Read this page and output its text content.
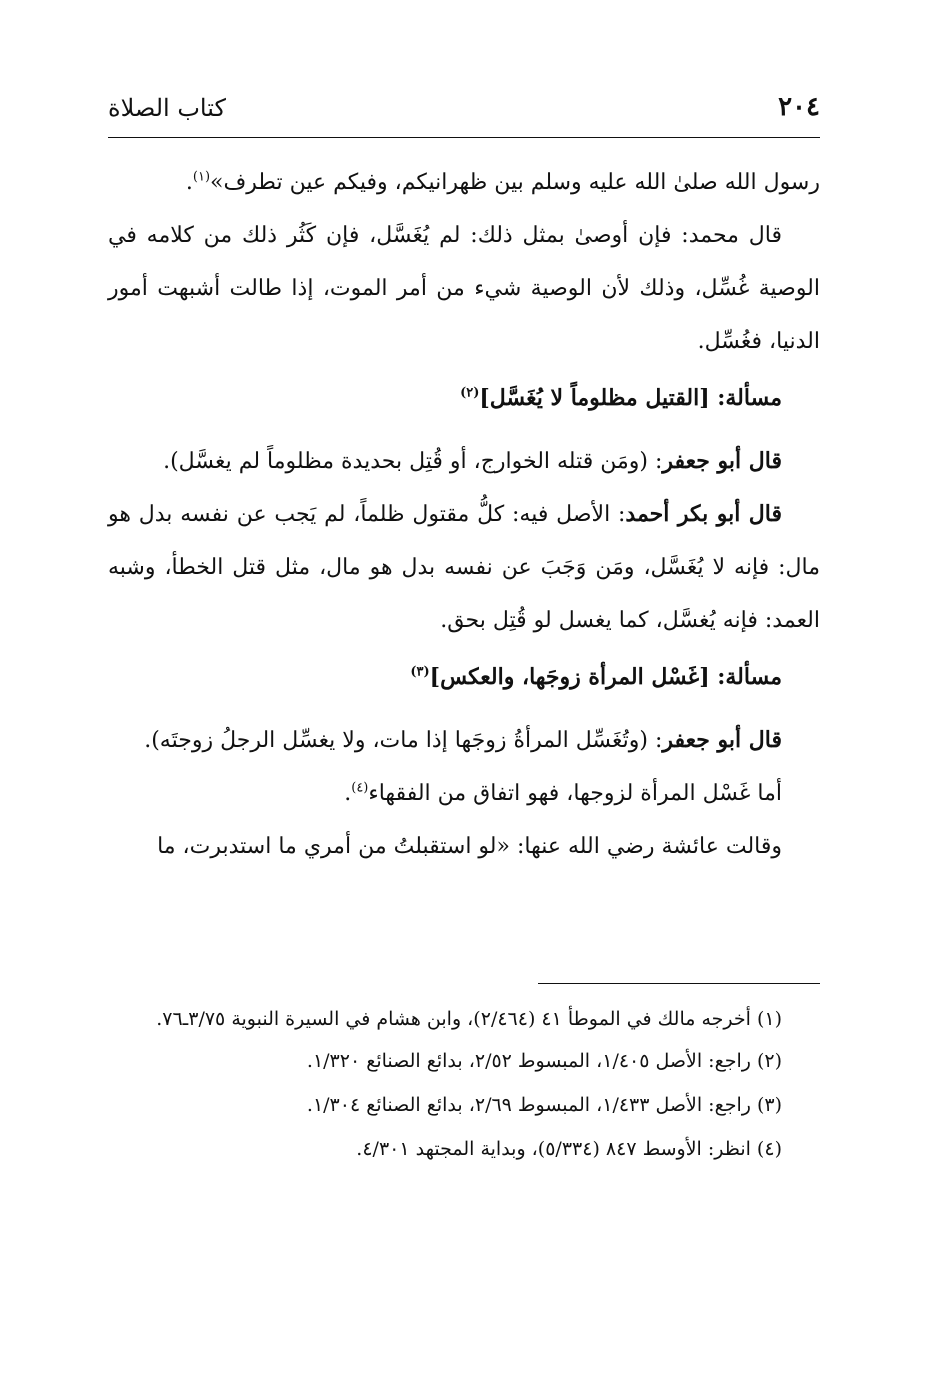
٢٠٤
كتاب الصلاة

رسول الله صلىٰ الله عليه وسلم بين ظهرانيكم، وفيكم عين تطرف»$^{(١)}$.

قال محمد: فإن أوصىٰ بمثل ذلك: لم يُغَسَّل، فإن كَثُر ذلك من كلامه في الوصية غُسِّل، وذلك لأن الوصية شيء من أمر الموت، إذا طالت أشبهت أمور الدنيا، فغُسِّل.

مسألة: [القتيل مظلوماً لا يُغَسَّل]$^{(٢)}$

قال أبو جعفر: (ومَن قتله الخوارج، أو قُتِل بحديدة مظلوماً لم يغسَّل).

قال أبو بكر أحمد: الأصل فيه: كلُّ مقتول ظلماً، لم يَجب عن نفسه بدل هو مال: فإنه لا يُغَسَّل، ومَن وَجَبَ عن نفسه بدل هو مال، مثل قتل الخطأ، وشبه العمد: فإنه يُغسَّل، كما يغسل لو قُتِل بحق.

مسألة: [غَسْل المرأة زوجَها، والعكس]$^{(٣)}$

قال أبو جعفر: (وتُغَسِّل المرأةُ زوجَها إذا مات، ولا يغسِّل الرجلُ زوجتَه).

أما غَسْل المرأة لزوجها، فهو اتفاق من الفقهاء$^{(٤)}$.

وقالت عائشة رضي الله عنها: «لو استقبلتُ من أمري ما استدبرت، ما

(١) أخرجه مالك في الموطأ ٤١ (٢/٤٦٤)، وابن هشام في السيرة النبوية ٣/٧٥ـ٧٦.

(٢) راجع: الأصل ١/٤٠٥، المبسوط ٢/٥٢، بدائع الصنائع ١/٣٢٠.

(٣) راجع: الأصل ١/٤٣٣، المبسوط ٢/٦٩، بدائع الصنائع ١/٣٠٤.

(٤) انظر: الأوسط ٨٤٧ (٥/٣٣٤)، وبداية المجتهد ٤/٣٠١.
